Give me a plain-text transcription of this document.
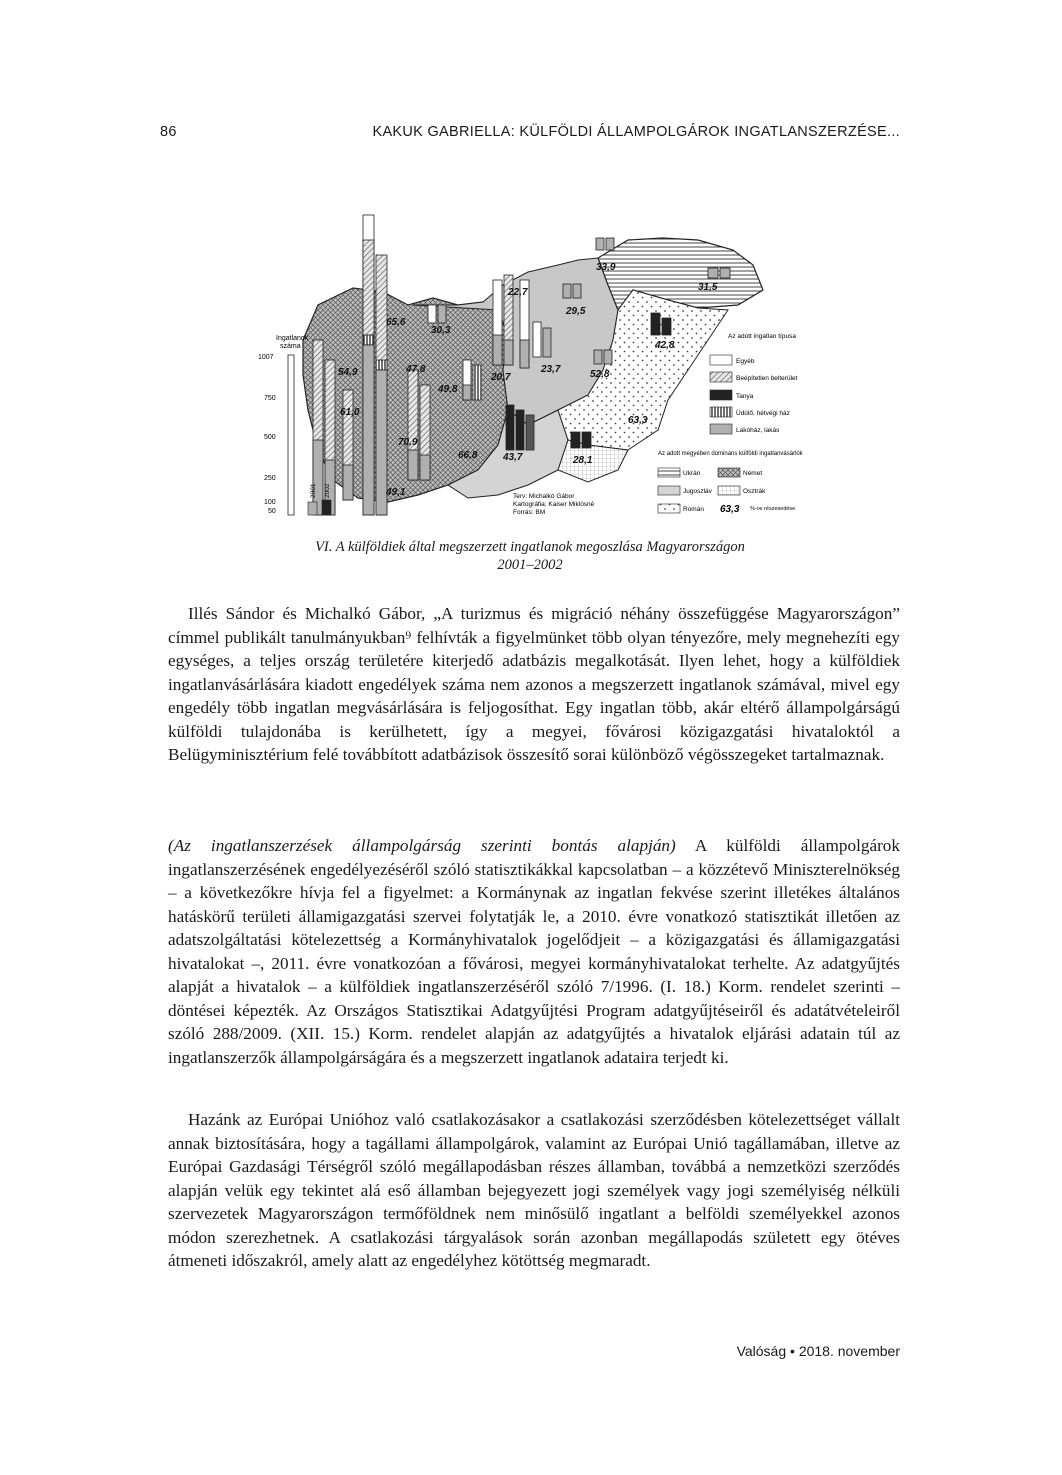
86	KAKUK GABRIELLA: KÜLFÖLDI ÁLLAMPOLGÁROK INGATLANSZERZÉSE...
Ingatlanok
száma
1007
750
500
250
100
50
2001 2002
65,6
54,9
61,0
70,9
47,8
30,3
49,8
66,8
49,1
43,7
20,7
22,7
29,5
23,7	52,8
33,9
31,5
42,8
63,3
28,1
Az adott ingatlan típusa
Egyéb
Beépítetlen belterület
Tanya
Üdülő, hétvégi ház
Lakóház, lakás
Az adott megyében domináns külföldi ingatlanvásárlók
Ukrán	Német
Jugoszláv	Osztrák
Román 63,3 %-os részesedése
Terv: Michalkó Gábor
Kartográfia: Kaiser Miklósné
Forrás: BM
VI. A külföldiek által megszerzett ingatlanok megoszlása Magyarországon
2001–2002

Illés Sándor és Michalkó Gábor, „A turizmus és migráció néhány összefüggése Magyarországon” címmel publikált tanulmányukban⁹ felhívták a figyelmünket több olyan tényezőre, mely megnehezíti egy egységes, a teljes ország területére kiterjedő adatbázis megalkotását. Ilyen lehet, hogy a külföldiek ingatlanvásárlására kiadott engedélyek száma nem azonos a megszerzett ingatlanok számával, mivel egy engedély több ingatlan megvásárlására is feljogosíthat. Egy ingatlan több, akár eltérő állampolgárságú külföldi tulajdonába is kerülhetett, így a megyei, fővárosi közigazgatási hivataloktól a Belügyminisztérium felé továbbított adatbázisok összesítő sorai különböző végösszegeket tartalmaznak.

(Az ingatlanszerzések állampolgárság szerinti bontás alapján) A külföldi állampolgárok ingatlanszerzésének engedélyezéséről szóló statisztikákkal kapcsolatban – a közzétevő Miniszterelnökség – a következőkre hívja fel a figyelmet: a Kormánynak az ingatlan fekvése szerint illetékes általános hatáskörű területi államigazgatási szervei folytatják le, a 2010. évre vonatkozó statisztikát illetően az adatszolgáltatási kötelezettség a Kormányhivatalok jogelődjeit – a közigazgatási és államigazgatási hivatalokat –, 2011. évre vonatkozóan a fővárosi, megyei kormányhivatalokat terhelte. Az adatgyűjtés alapját a hivatalok – a külföldiek ingatlanszerzéséről szóló 7/1996. (I. 18.) Korm. rendelet szerinti – döntései képezték. Az Országos Statisztikai Adatgyűjtési Program adatgyűjtéseiről és adatátvételeiről szóló 288/2009. (XII. 15.) Korm. rendelet alapján az adatgyűjtés a hivatalok eljárási adatain túl az ingatlanszerzők állampolgárságára és a megszerzett ingatlanok adataira terjedt ki.

Hazánk az Európai Unióhoz való csatlakozásakor a csatlakozási szerződésben kötelezettséget vállalt annak biztosítására, hogy a tagállami állampolgárok, valamint az Európai Unió tagállamában, illetve az Európai Gazdasági Térségről szóló megállapodásban részes államban, továbbá a nemzetközi szerződés alapján velük egy tekintet alá eső államban bejegyezett jogi személyek vagy jogi személyiség nélküli szervezetek Magyarországon termőföldnek nem minősülő ingatlant a belföldi személyekkel azonos módon szerezhetnek. A csatlakozási tárgyalások során azonban megállapodás született egy ötéves átmeneti időszakról, amely alatt az engedélyhez kötöttség megmaradt.

Valóság • 2018. november
